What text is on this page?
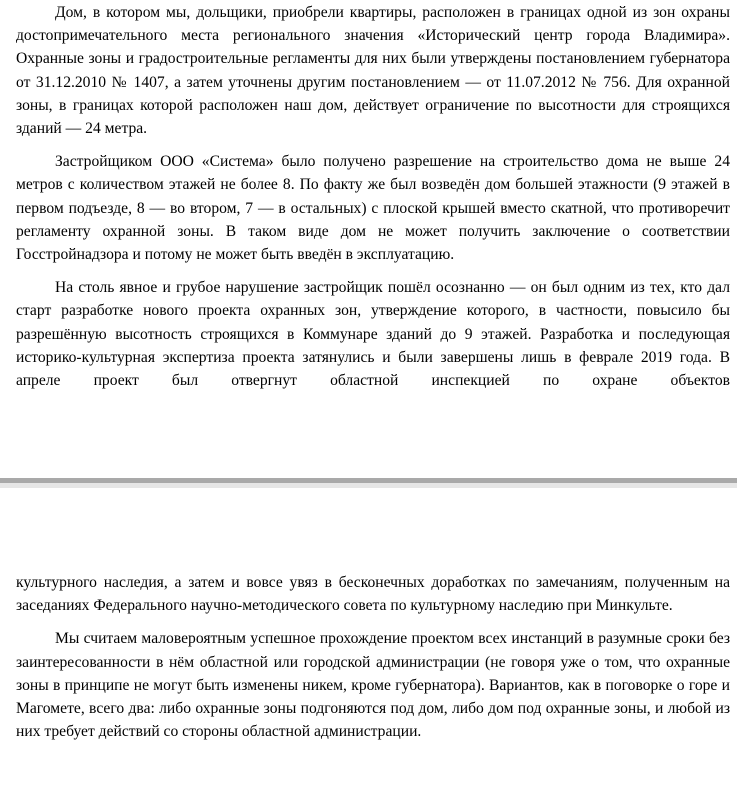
Дом, в котором мы, дольщики, приобрели квартиры, расположен в границах одной из зон охраны достопримечательного места регионального значения «Исторический центр города Владимира». Охранные зоны и градостроительные регламенты для них были утверждены постановлением губернатора от 31.12.2010 № 1407, а затем уточнены другим постановлением — от 11.07.2012 № 756. Для охранной зоны, в границах которой расположен наш дом, действует ограничение по высотности для строящихся зданий — 24 метра.

Застройщиком ООО «Система» было получено разрешение на строительство дома не выше 24 метров с количеством этажей не более 8. По факту же был возведён дом большей этажности (9 этажей в первом подъезде, 8 — во втором, 7 — в остальных) с плоской крышей вместо скатной, что противоречит регламенту охранной зоны. В таком виде дом не может получить заключение о соответствии Госстройнадзора и потому не может быть введён в эксплуатацию.

На столь явное и грубое нарушение застройщик пошёл осознанно — он был одним из тех, кто дал старт разработке нового проекта охранных зон, утверждение которого, в частности, повысило бы разрешённую высотность строящихся в Коммунаре зданий до 9 этажей. Разработка и последующая историко-культурная экспертиза проекта затянулись и были завершены лишь в феврале 2019 года. В апреле проект был отвергнут областной инспекцией по охране объектов

культурного наследия, а затем и вовсе увяз в бесконечных доработках по замечаниям, полученным на заседаниях Федерального научно-методического совета по культурному наследию при Минкульте.

Мы считаем маловероятным успешное прохождение проектом всех инстанций в разумные сроки без заинтересованности в нём областной или городской администрации (не говоря уже о том, что охранные зоны в принципе не могут быть изменены никем, кроме губернатора). Вариантов, как в поговорке о горе и Магомете, всего два: либо охранные зоны подгоняются под дом, либо дом под охранные зоны, и любой из них требует действий со стороны областной администрации.
